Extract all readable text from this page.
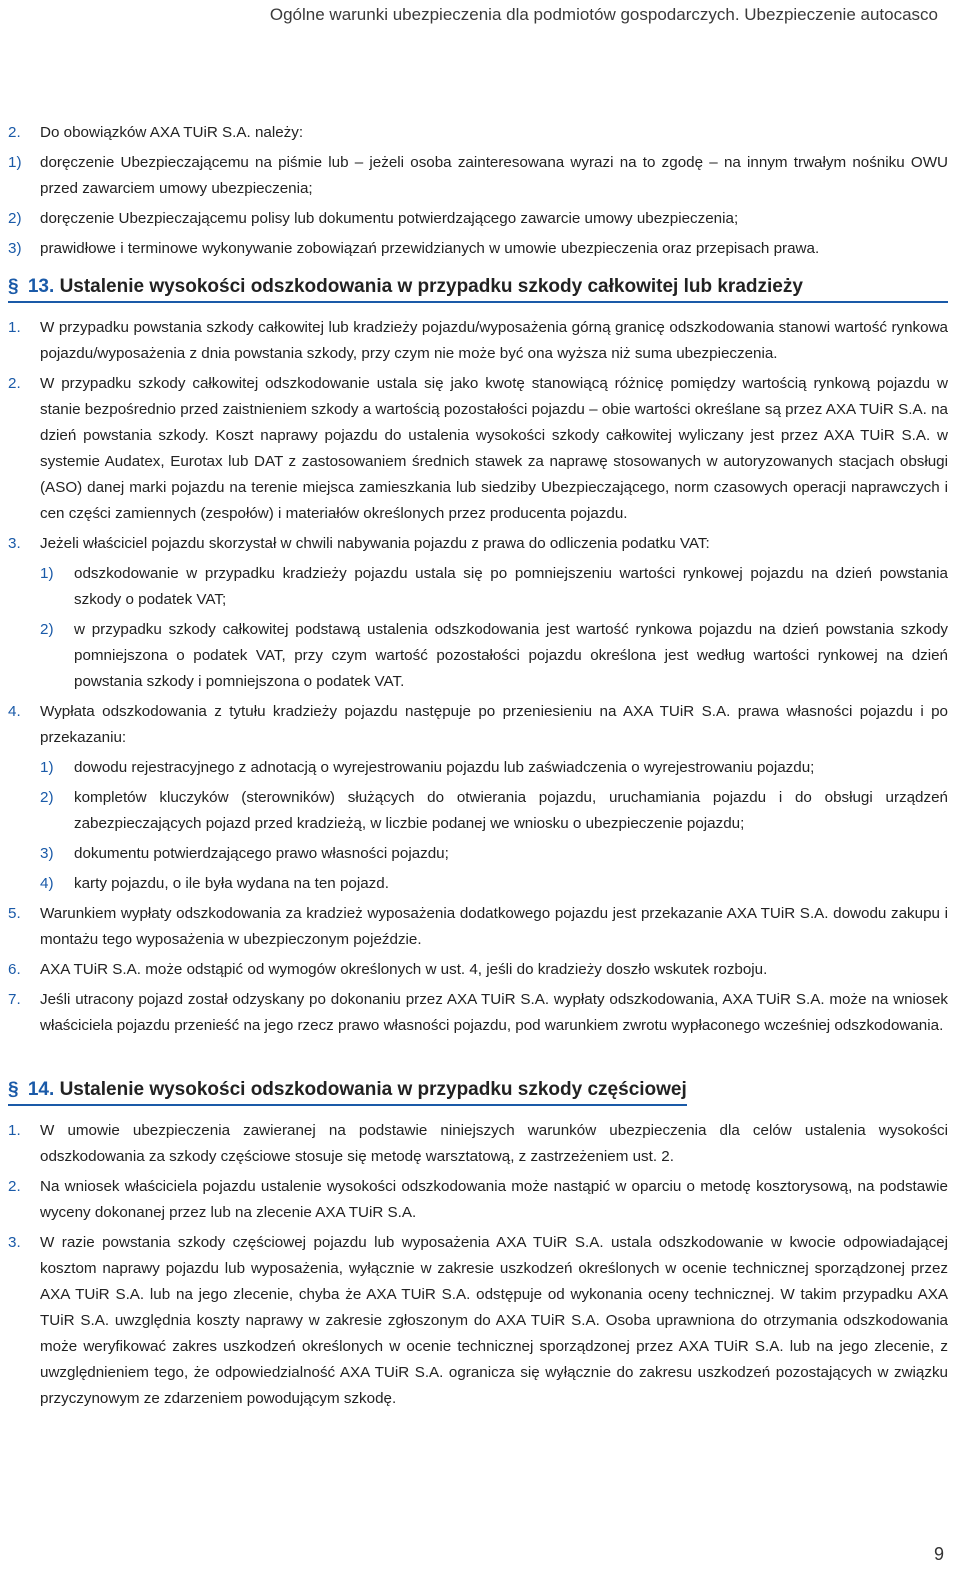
Ogólne warunki ubezpieczenia dla podmiotów gospodarczych. Ubezpieczenie autocasco
2. Do obowiązków AXA TUiR S.A. należy:
1) doręczenie Ubezpieczającemu na piśmie lub – jeżeli osoba zainteresowana wyrazi na to zgodę – na innym trwałym nośniku OWU przed zawarciem umowy ubezpieczenia;
2) doręczenie Ubezpieczającemu polisy lub dokumentu potwierdzającego zawarcie umowy ubezpieczenia;
3) prawidłowe i terminowe wykonywanie zobowiązań przewidzianych w umowie ubezpieczenia oraz przepisach prawa.
§ 13. Ustalenie wysokości odszkodowania w przypadku szkody całkowitej lub kradzieży
1. W przypadku powstania szkody całkowitej lub kradzieży pojazdu/wyposażenia górną granicę odszkodowania stanowi wartość rynkowa pojazdu/wyposażenia z dnia powstania szkody, przy czym nie może być ona wyższa niż suma ubezpieczenia.
2. W przypadku szkody całkowitej odszkodowanie ustala się jako kwotę stanowiącą różnicę pomiędzy wartością rynkową pojazdu w stanie bezpośrednio przed zaistnieniem szkody a wartością pozostałości pojazdu – obie wartości określane są przez AXA TUiR S.A. na dzień powstania szkody. Koszt naprawy pojazdu do ustalenia wysokości szkody całkowitej wyliczany jest przez AXA TUiR S.A. w systemie Audatex, Eurotax lub DAT z zastosowaniem średnich stawek za naprawę stosowanych w autoryzowanych stacjach obsługi (ASO) danej marki pojazdu na terenie miejsca zamieszkania lub siedziby Ubezpieczającego, norm czasowych operacji naprawczych i cen części zamiennych (zespołów) i materiałów określonych przez producenta pojazdu.
3. Jeżeli właściciel pojazdu skorzystał w chwili nabywania pojazdu z prawa do odliczenia podatku VAT:
1) odszkodowanie w przypadku kradzieży pojazdu ustala się po pomniejszeniu wartości rynkowej pojazdu na dzień powstania szkody o podatek VAT;
2) w przypadku szkody całkowitej podstawą ustalenia odszkodowania jest wartość rynkowa pojazdu na dzień powstania szkody pomniejszona o podatek VAT, przy czym wartość pozostałości pojazdu określona jest według wartości rynkowej na dzień powstania szkody i pomniejszona o podatek VAT.
4. Wypłata odszkodowania z tytułu kradzieży pojazdu następuje po przeniesieniu na AXA TUiR S.A. prawa własności pojazdu i po przekazaniu:
1) dowodu rejestracyjnego z adnotacją o wyrejestrowaniu pojazdu lub zaświadczenia o wyrejestrowaniu pojazdu;
2) kompletów kluczyków (sterowników) służących do otwierania pojazdu, uruchamiania pojazdu i do obsługi urządzeń zabezpieczających pojazd przed kradzieżą, w liczbie podanej we wniosku o ubezpieczenie pojazdu;
3) dokumentu potwierdzającego prawo własności pojazdu;
4) karty pojazdu, o ile była wydana na ten pojazd.
5. Warunkiem wypłaty odszkodowania za kradzież wyposażenia dodatkowego pojazdu jest przekazanie AXA TUiR S.A. dowodu zakupu i montażu tego wyposażenia w ubezpieczonym pojeździe.
6. AXA TUiR S.A. może odstąpić od wymogów określonych w ust. 4, jeśli do kradzieży doszło wskutek rozboju.
7. Jeśli utracony pojazd został odzyskany po dokonaniu przez AXA TUiR S.A. wypłaty odszkodowania, AXA TUiR S.A. może na wniosek właściciela pojazdu przenieść na jego rzecz prawo własności pojazdu, pod warunkiem zwrotu wypłaconego wcześniej odszkodowania.
§ 14. Ustalenie wysokości odszkodowania w przypadku szkody częściowej
1. W umowie ubezpieczenia zawieranej na podstawie niniejszych warunków ubezpieczenia dla celów ustalenia wysokości odszkodowania za szkody częściowe stosuje się metodę warsztatową, z zastrzeżeniem ust. 2.
2. Na wniosek właściciela pojazdu ustalenie wysokości odszkodowania może nastąpić w oparciu o metodę kosztorysową, na podstawie wyceny dokonanej przez lub na zlecenie AXA TUiR S.A.
3. W razie powstania szkody częściowej pojazdu lub wyposażenia AXA TUiR S.A. ustala odszkodowanie w kwocie odpowiadającej kosztom naprawy pojazdu lub wyposażenia, wyłącznie w zakresie uszkodzeń określonych w ocenie technicznej sporządzonej przez AXA TUiR S.A. lub na jego zlecenie, chyba że AXA TUiR S.A. odstępuje od wykonania oceny technicznej. W takim przypadku AXA TUiR S.A. uwzględnia koszty naprawy w zakresie zgłoszonym do AXA TUiR S.A. Osoba uprawniona do otrzymania odszkodowania może weryfikować zakres uszkodzeń określonych w ocenie technicznej sporządzonej przez AXA TUiR S.A. lub na jego zlecenie, z uwzględnieniem tego, że odpowiedzialność AXA TUiR S.A. ogranicza się wyłącznie do zakresu uszkodzeń pozostających w związku przyczynowym ze zdarzeniem powodującym szkodę.
9
